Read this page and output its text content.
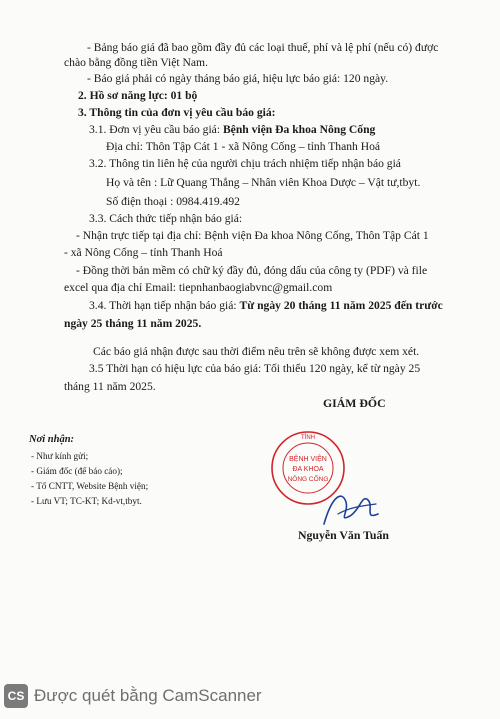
- Bảng báo giá đã bao gồm đầy đủ các loại thuế, phí và lệ phí (nếu có) được
chào bằng đồng tiền Việt Nam.
- Báo giá phải có ngày tháng báo giá, hiệu lực báo giá: 120 ngày.
2. Hồ sơ năng lực: 01 bộ
3. Thông tin của đơn vị yêu cầu báo giá:
3.1. Đơn vị yêu cầu báo giá: Bệnh viện Đa khoa Nông Cống
Địa chỉ: Thôn Tập Cát 1 - xã Nông Cống – tỉnh Thanh Hoá
3.2. Thông tin liên hệ của người chịu trách nhiệm tiếp nhận báo giá
Họ và tên : Lữ Quang Thắng – Nhân viên Khoa Dược – Vật tư,tbyt.
Số điện thoại : 0984.419.492
3.3. Cách thức tiếp nhận báo giá:
- Nhận trực tiếp tại địa chỉ: Bệnh viện Đa khoa Nông Cống, Thôn Tập Cát 1
- xã Nông Cống – tỉnh Thanh Hoá
- Đồng thời bản mềm có chữ ký đầy đủ, đóng dấu của công ty (PDF) và file
excel qua địa chỉ Email: tiepnhanbaogiabvnc@gmail.com
3.4. Thời hạn tiếp nhận báo giá: Từ ngày 20 tháng 11 năm 2025 đến trước
ngày 25 tháng 11 năm 2025.
Các báo giá nhận được sau thời điểm nêu trên sẽ không được xem xét.
3.5 Thời hạn có hiệu lực của báo giá: Tối thiểu 120 ngày, kể từ ngày 25
tháng 11 năm 2025.
Nơi nhận:
- Như kính gửi;
- Giám đốc (để báo cáo);
- Tổ CNTT, Website Bệnh viện;
- Lưu VT; TC-KT; Kd-vt,tbyt.
GIÁM ĐỐC
TỈNH
BỆNH VIỆN
ĐA KHOA
NÔNG CỐNG
Nguyễn Văn Tuấn
CS Được quét bằng CamScanner
